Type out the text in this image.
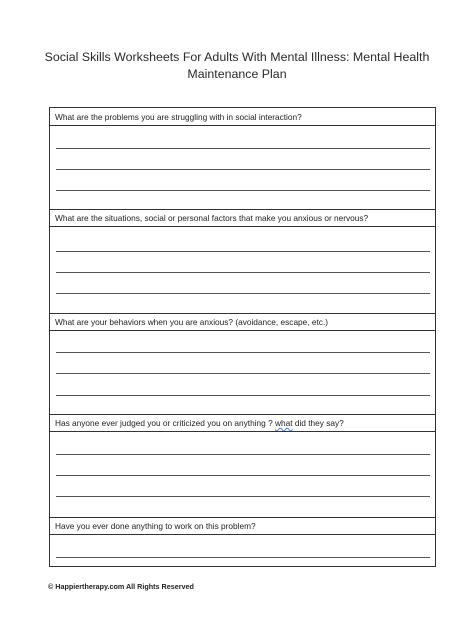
Social Skills Worksheets For Adults With Mental Illness: Mental Health Maintenance Plan
What are the problems you are struggling with in social interaction?
What are the situations, social or personal factors that make you anxious or nervous?
What are your behaviors when you are anxious? (avoidance, escape, etc.)
Has anyone ever judged you or criticized you on anything ? what did they say?
Have you ever done anything to work on this problem?
© Happiertherapy.com All Rights Reserved
